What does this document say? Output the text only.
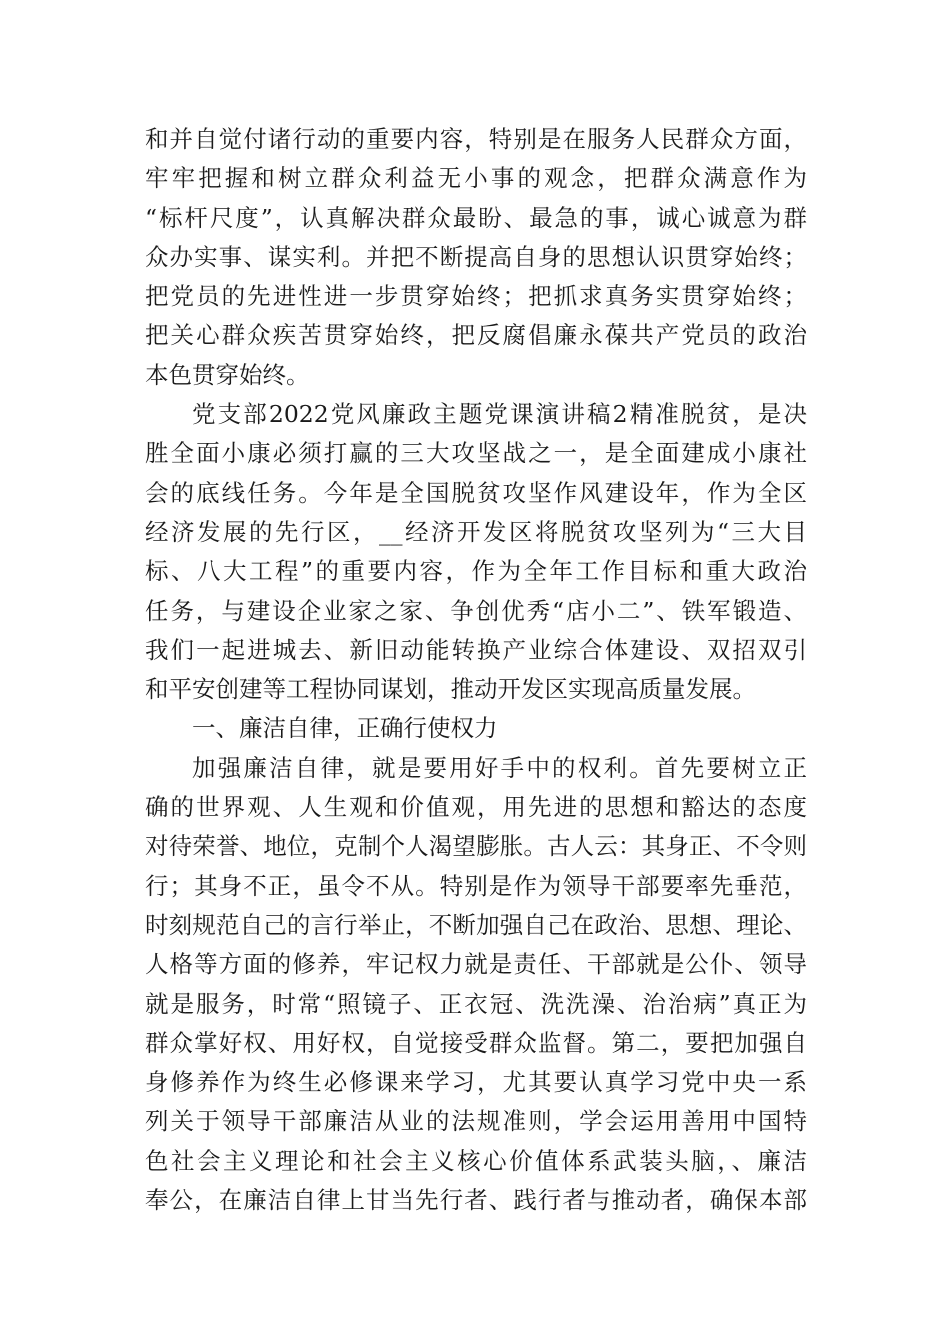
和并自觉付诸行动的重要内容，特别是在服务人民群众方面，
牢牢把握和树立群众利益无小事的观念，把群众满意作为
“标杆尺度”，认真解决群众最盼、最急的事，诚心诚意为群
众办实事、谋实利。并把不断提高自身的思想认识贯穿始终；
把党员的先进性进一步贯穿始终；把抓求真务实贯穿始终；
把关心群众疾苦贯穿始终，把反腐倡廉永葆共产党员的政治
本色贯穿始终。
党支部2022党风廉政主题党课演讲稿2精准脱贫，是决
胜全面小康必须打赢的三大攻坚战之一，是全面建成小康社
会的底线任务。今年是全国脱贫攻坚作风建设年，作为全区
经济发展的先行区，__经济开发区将脱贫攻坚列为“三大目
标、八大工程”的重要内容，作为全年工作目标和重大政治
任务，与建设企业家之家、争创优秀“店小二”、铁军锻造、
我们一起进城去、新旧动能转换产业综合体建设、双招双引
和平安创建等工程协同谋划，推动开发区实现高质量发展。
一、廉洁自律，正确行使权力
加强廉洁自律，就是要用好手中的权利。首先要树立正
确的世界观、人生观和价值观，用先进的思想和豁达的态度
对待荣誉、地位，克制个人渴望膨胀。古人云：其身正、不令则
行；其身不正，虽令不从。特别是作为领导干部要率先垂范，
时刻规范自己的言行举止，不断加强自己在政治、思想、理论、
人格等方面的修养，牢记权力就是责任、干部就是公仆、领导
就是服务，时常“照镜子、正衣冠、洗洗澡、治治病”真正为
群众掌好权、用好权，自觉接受群众监督。第二，要把加强自
身修养作为终生必修课来学习，尤其要认真学习党中央一系
列关于领导干部廉洁从业的法规准则，学会运用善用中国特
色社会主义理论和社会主义核心价值体系武装头脑，、廉洁
奉公，在廉洁自律上甘当先行者、践行者与推动者，确保本部
